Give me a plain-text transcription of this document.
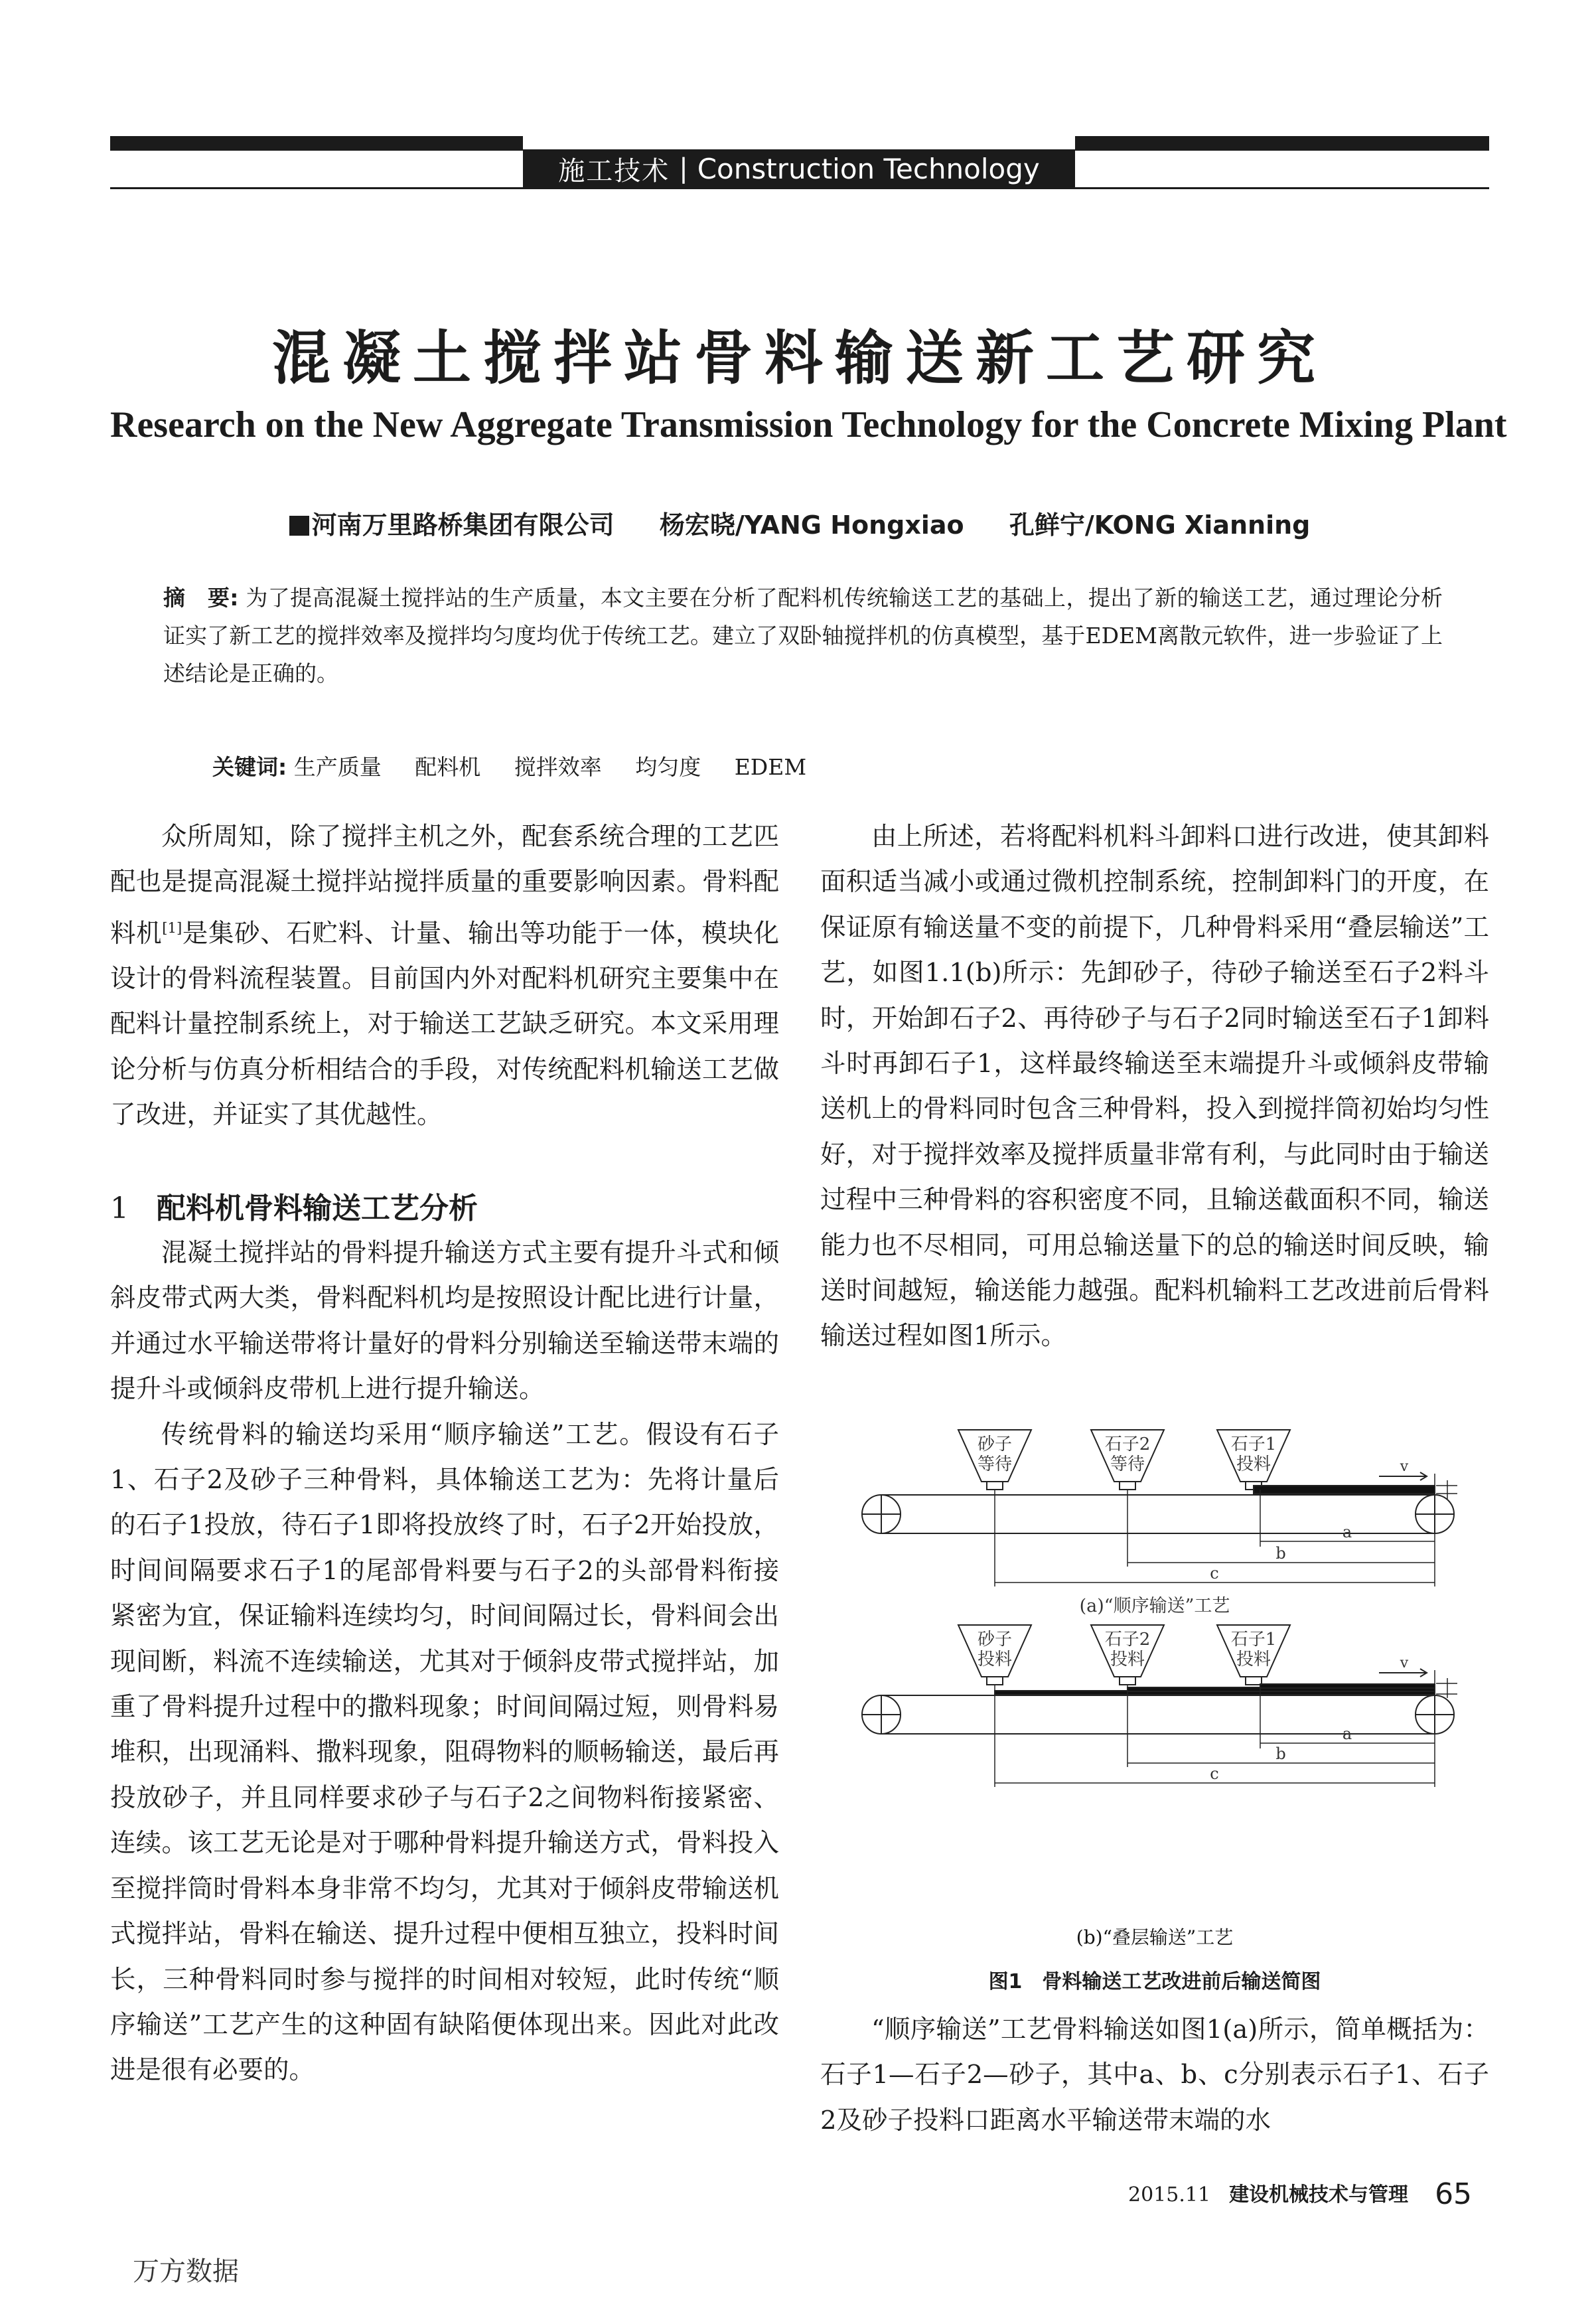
施工技术 | Construction Technology
混凝土搅拌站骨料输送新工艺研究
Research on the New Aggregate Transmission Technology for the Concrete Mixing Plant
河南万里路桥集团有限公司 杨宏晓/YANG Hongxiao 孔鲜宁/KONG Xianning
摘　要: 为了提高混凝土搅拌站的生产质量，本文主要在分析了配料机传统输送工艺的基础上，提出了新的输送工艺，通过理论分析证实了新工艺的搅拌效率及搅拌均匀度均优于传统工艺。建立了双卧轴搅拌机的仿真模型，基于EDEM离散元软件，进一步验证了上述结论是正确的。
关键词: 生产质量 配料机 搅拌效率 均匀度 EDEM

众所周知，除了搅拌主机之外，配套系统合理的工艺匹配也是提高混凝土搅拌站搅拌质量的重要影响因素。骨料配料机[1]是集砂、石贮料、计量、输出等功能于一体，模块化设计的骨料流程装置。目前国内外对配料机研究主要集中在配料计量控制系统上，对于输送工艺缺乏研究。本文采用理论分析与仿真分析相结合的手段，对传统配料机输送工艺做了改进，并证实了其优越性。

1 配料机骨料输送工艺分析

混凝土搅拌站的骨料提升输送方式主要有提升斗式和倾斜皮带式两大类，骨料配料机均是按照设计配比进行计量，并通过水平输送带将计量好的骨料分别输送至输送带末端的提升斗或倾斜皮带机上进行提升输送。

传统骨料的输送均采用“顺序输送”工艺。假设有石子1、石子2及砂子三种骨料，具体输送工艺为：先将计量后的石子1投放，待石子1即将投放终了时，石子2开始投放，时间间隔要求石子1的尾部骨料要与石子2的头部骨料衔接紧密为宜，保证输料连续均匀，时间间隔过长，骨料间会出现间断，料流不连续输送，尤其对于倾斜皮带式搅拌站，加重了骨料提升过程中的撒料现象；时间间隔过短，则骨料易堆积，出现涌料、撒料现象，阻碍物料的顺畅输送，最后再投放砂子，并且同样要求砂子与石子2之间物料衔接紧密、连续。该工艺无论是对于哪种骨料提升输送方式，骨料投入至搅拌筒时骨料本身非常不均匀，尤其对于倾斜皮带输送机式搅拌站，骨料在输送、提升过程中便相互独立，投料时间长，三种骨料同时参与搅拌的时间相对较短，此时传统“顺序输送”工艺产生的这种固有缺陷便体现出来。因此对此改进是很有必要的。

由上所述，若将配料机料斗卸料口进行改进，使其卸料面积适当减小或通过微机控制系统，控制卸料门的开度，在保证原有输送量不变的前提下，几种骨料采用“叠层输送”工艺，如图1.1(b)所示：先卸砂子，待砂子输送至石子2料斗时，开始卸石子2、再待砂子与石子2同时输送至石子1卸料斗时再卸石子1，这样最终输送至末端提升斗或倾斜皮带输送机上的骨料同时包含三种骨料，投入到搅拌筒初始均匀性好，对于搅拌效率及搅拌质量非常有利，与此同时由于输送过程中三种骨料的容积密度不同，且输送截面积不同，输送能力也不尽相同，可用总输送量下的总的输送时间反映，输送时间越短，输送能力越强。配料机输料工艺改进前后骨料输送过程如图1所示。

砂子
等待
石子2
等待
石子1
投料	v
a
b
c
(a)“顺序输送”工艺
砂子
投料
石子2
投料
石子1
投料	v
a
b
c
(b)“叠层输送”工艺
图1　骨料输送工艺改进前后输送简图

“顺序输送”工艺骨料输送如图1(a)所示，简单概括为：石子1—石子2—砂子，其中a、b、c分别表示石子1、石子2及砂子投料口距离水平输送带末端的水

2015.11 建设机械技术与管理 65
万方数据
